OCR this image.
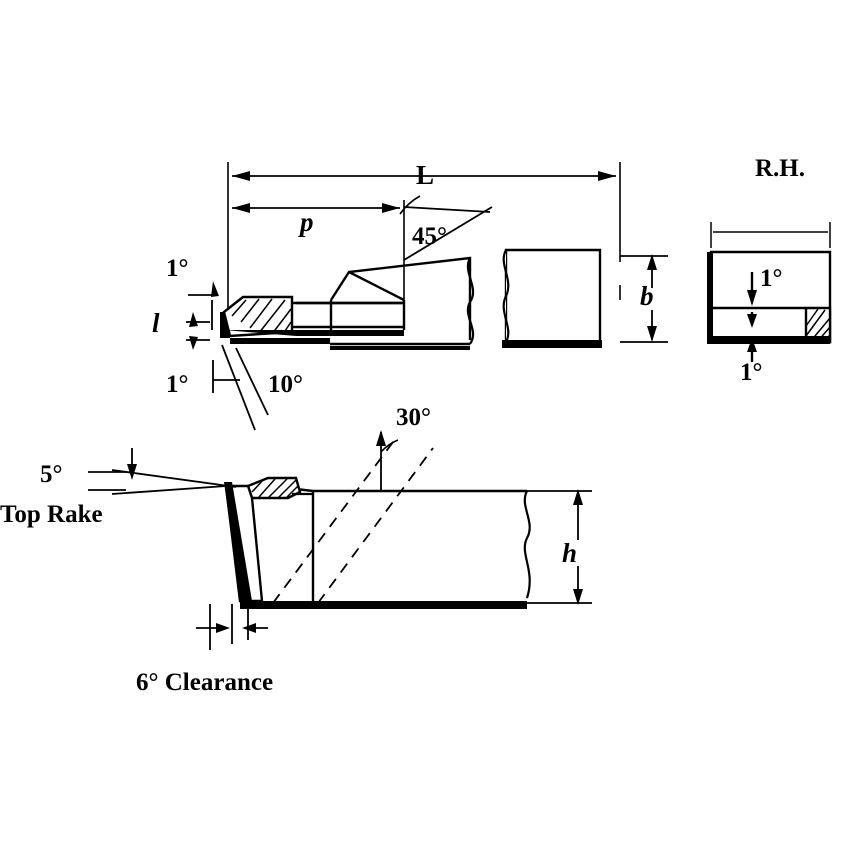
L
p	45°
1°
l
1°	10°
b
R.H.
1°
1°
30°
5°
Top Rake
h
6° Clearance
